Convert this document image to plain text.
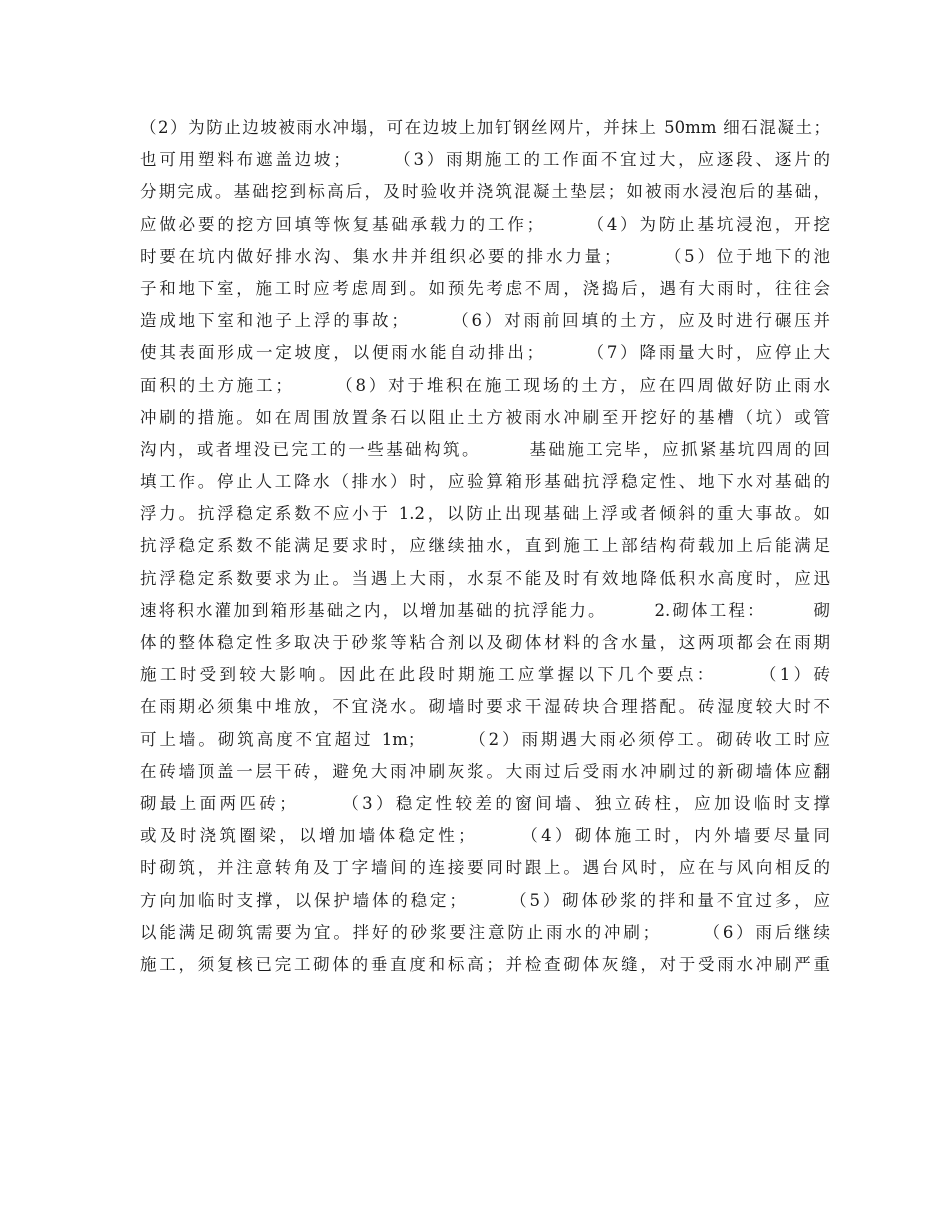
（2）为防止边坡被雨水冲塌，可在边坡上加钉钢丝网片，并抹上 50mm 细石混凝土；
也可用塑料布遮盖边坡；　　　（3）雨期施工的工作面不宜过大，应逐段、逐片的
分期完成。基础挖到标高后，及时验收并浇筑混凝土垫层；如被雨水浸泡后的基础，
应做必要的挖方回填等恢复基础承载力的工作；　　　（4）为防止基坑浸泡，开挖
时要在坑内做好排水沟、集水井并组织必要的排水力量；　　　（5）位于地下的池
子和地下室，施工时应考虑周到。如预先考虑不周，浇捣后，遇有大雨时，往往会
造成地下室和池子上浮的事故；　　　（6）对雨前回填的土方，应及时进行碾压并
使其表面形成一定坡度，以便雨水能自动排出；　　　（7）降雨量大时，应停止大
面积的土方施工；　　　（8）对于堆积在施工现场的土方，应在四周做好防止雨水
冲刷的措施。如在周围放置条石以阻止土方被雨水冲刷至开挖好的基槽（坑）或管
沟内，或者埋没已完工的一些基础构筑。　　　基础施工完毕，应抓紧基坑四周的回
填工作。停止人工降水（排水）时，应验算箱形基础抗浮稳定性、地下水对基础的
浮力。抗浮稳定系数不应小于 1.2，以防止出现基础上浮或者倾斜的重大事故。如
抗浮稳定系数不能满足要求时，应继续抽水，直到施工上部结构荷载加上后能满足
抗浮稳定系数要求为止。当遇上大雨，水泵不能及时有效地降低积水高度时，应迅
速将积水灌加到箱形基础之内，以增加基础的抗浮能力。　　　2.砌体工程：　　　砌
体的整体稳定性多取决于砂浆等粘合剂以及砌体材料的含水量，这两项都会在雨期
施工时受到较大影响。因此在此段时期施工应掌握以下几个要点：　　　（1）砖
在雨期必须集中堆放，不宜浇水。砌墙时要求干湿砖块合理搭配。砖湿度较大时不
可上墙。砌筑高度不宜超过 1m；　　　（2）雨期遇大雨必须停工。砌砖收工时应
在砖墙顶盖一层干砖，避免大雨冲刷灰浆。大雨过后受雨水冲刷过的新砌墙体应翻
砌最上面两匹砖；　　　（3）稳定性较差的窗间墙、独立砖柱，应加设临时支撑
或及时浇筑圈梁，以增加墙体稳定性；　　　（4）砌体施工时，内外墙要尽量同
时砌筑，并注意转角及丁字墙间的连接要同时跟上。遇台风时，应在与风向相反的
方向加临时支撑，以保护墙体的稳定；　　　（5）砌体砂浆的拌和量不宜过多，应
以能满足砌筑需要为宜。拌好的砂浆要注意防止雨水的冲刷；　　　（6）雨后继续
施工，须复核已完工砌体的垂直度和标高；并检查砌体灰缝，对于受雨水冲刷严重
